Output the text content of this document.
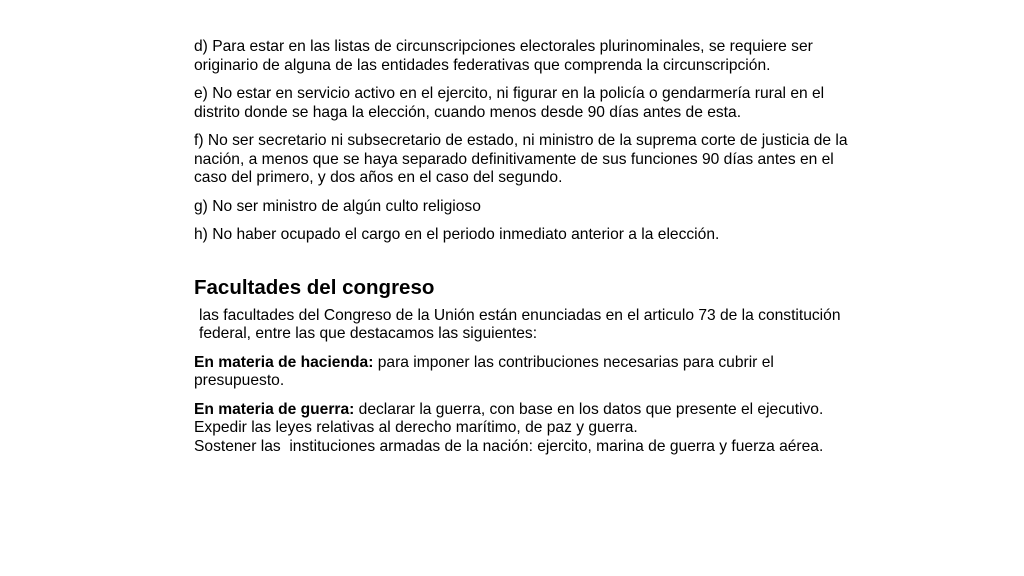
d) Para estar en las listas de circunscripciones electorales plurinominales, se requiere ser originario de alguna de las entidades federativas que comprenda la circunscripción.

e) No estar en servicio activo en el ejercito, ni figurar en la policía o gendarmería rural en el distrito donde se haga la elección, cuando menos desde 90 días antes de esta.

f) No ser secretario ni subsecretario de estado, ni ministro de la suprema corte de justicia de la nación, a menos que se haya separado definitivamente de sus funciones 90 días antes en el caso del primero, y dos años en el caso del segundo.

g) No ser ministro de algún culto religioso

h) No haber ocupado el cargo en el periodo inmediato anterior a la elección.

Facultades del congreso

las facultades del Congreso de la Unión están enunciadas en el articulo 73 de la constitución federal, entre las que destacamos las siguientes:

En materia de hacienda: para imponer las contribuciones necesarias para cubrir el presupuesto.

En materia de guerra: declarar la guerra, con base en los datos que presente el ejecutivo.

Expedir las leyes relativas al derecho marítimo, de paz y guerra.

Sostener las  instituciones armadas de la nación: ejercito, marina de guerra y fuerza aérea.
